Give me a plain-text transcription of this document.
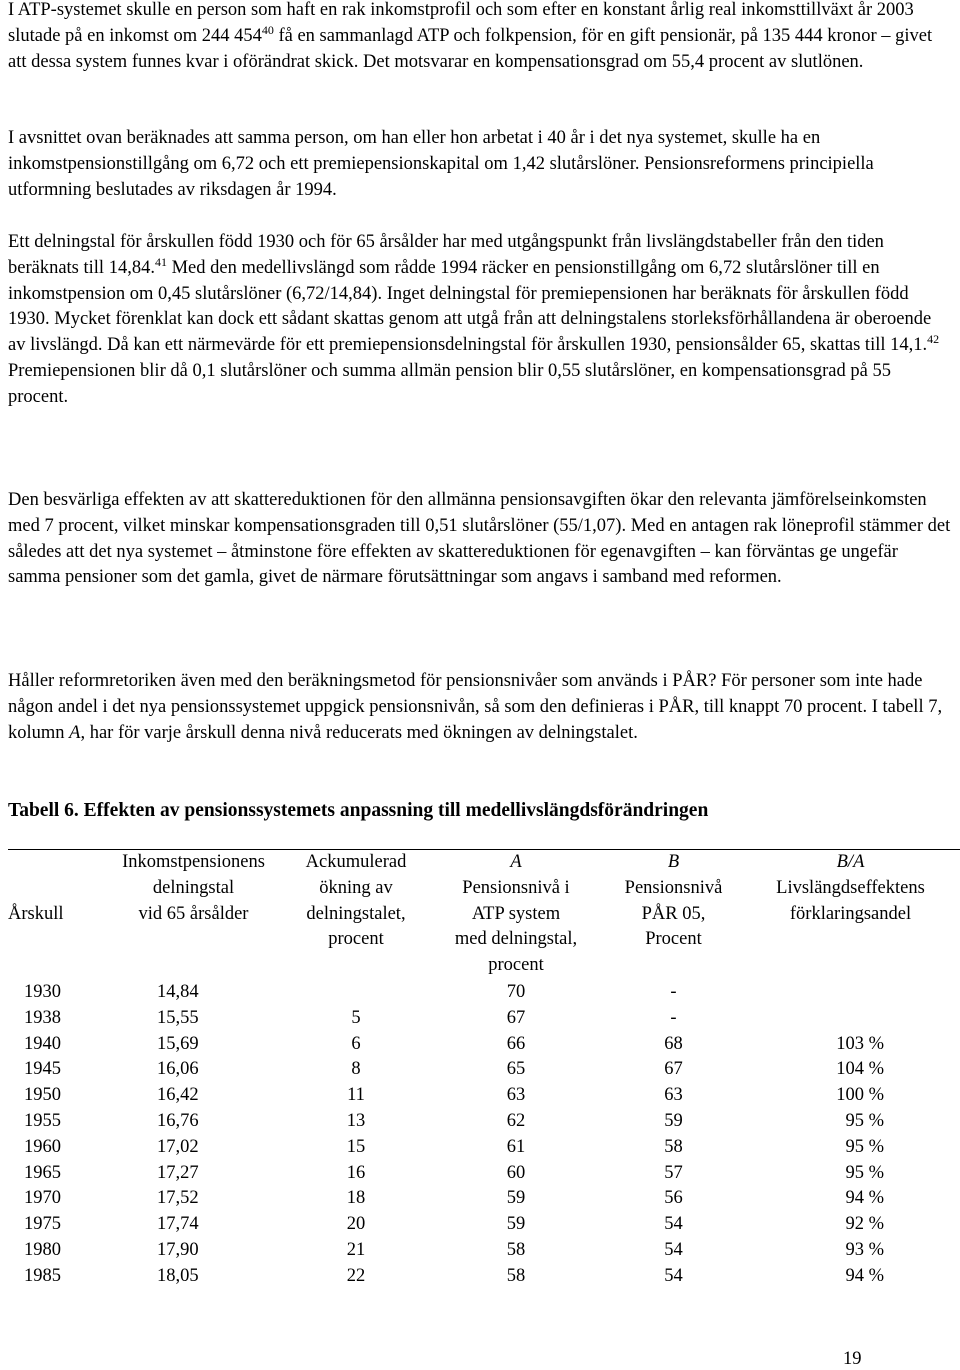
I ATP-systemet skulle en person som haft en rak inkomstprofil och som efter en konstant årlig real inkomsttillväxt år 2003 slutade på en inkomst om 244 $454^{40}$ få en sammanlagd ATP och folkpension, för en gift pensionär, på 135 444 kronor – givet att dessa system funnes kvar i oförändrat skick. Det motsvarar en kompensationsgrad om 55,4 procent av slutlönen.

I avsnittet ovan beräknades att samma person, om han eller hon arbetat i 40 år i det nya systemet, skulle ha en inkomstpensionstillgång om 6,72 och ett premiepensionskapital om 1,42 slutårslöner. Pensionsreformens principiella utformning beslutades av riksdagen år 1994.

Ett delningstal för årskullen född 1930 och för 65 årsålder har med utgångspunkt från livslängdstabeller från den tiden beräknats till 14,84.41 Med den medellivslängd som rådde 1994 räcker en pensionstillgång om 6,72 slutårslöner till en inkomstpension om 0,45 slutårslöner (6,72/14,84). Inget delningstal för premiepensionen har beräknats för årskullen född 1930. Mycket förenklat kan dock ett sådant skattas genom att utgå från att delningstalens storleksförhållandena är oberoende av livslängd. Då kan ett närmevärde för ett premiepensionsdelningstal för årskullen 1930, pensionsålder 65, skattas till 14,1.42 Premiepensionen blir då 0,1 slutårslöner och summa allmän pension blir 0,55 slutårslöner, en kompensationsgrad på 55 procent.

Den besvärliga effekten av att skattereduktionen för den allmänna pensionsavgiften ökar den relevanta jämförelseinkomsten med 7 procent, vilket minskar kompensationsgraden till 0,51 slutårslöner (55/1,07). Med en antagen rak löneprofil stämmer det således att det nya systemet – åtminstone före effekten av skattereduktionen för egenavgiften – kan förväntas ge ungefär samma pensioner som det gamla, givet de närmare förutsättningar som angavs i samband med reformen.

Håller reformretoriken även med den beräkningsmetod för pensionsnivåer som används i PÅR? För personer som inte hade någon andel i det nya pensionssystemet uppgick pensionsnivån, så som den definieras i PÅR, till knappt 70 procent. I tabell 7, kolumn A, har för varje årskull denna nivå reducerats med ökningen av delningstalet.

Tabell 6. Effekten av pensionssystemets anpassning till medellivslängdsförändringen

Årskull	Inkomstpensionens
delningstal
vid 65 årsålder	Ackumulerad
ökning av
delningstalet,
procent	A
Pensionsnivå i
ATP system
med delningstal,
procent	B
Pensionsnivå
PÅR 05,
Procent	B/A
Livslängdseffektens
förklaringsandel

1930	14,84		70	-	
1938	15,55	5	67	-	
1940	15,69	6	66	68	103 %
1945	16,06	8	65	67	104 %
1950	16,42	11	63	63	100 %
1955	16,76	13	62	59	95 %
1960	17,02	15	61	58	95 %
1965	17,27	16	60	57	95 %
1970	17,52	18	59	56	94 %
1975	17,74	20	59	54	92 %
1980	17,90	21	58	54	93 %
1985	18,05	22	58	54	94 %

19
